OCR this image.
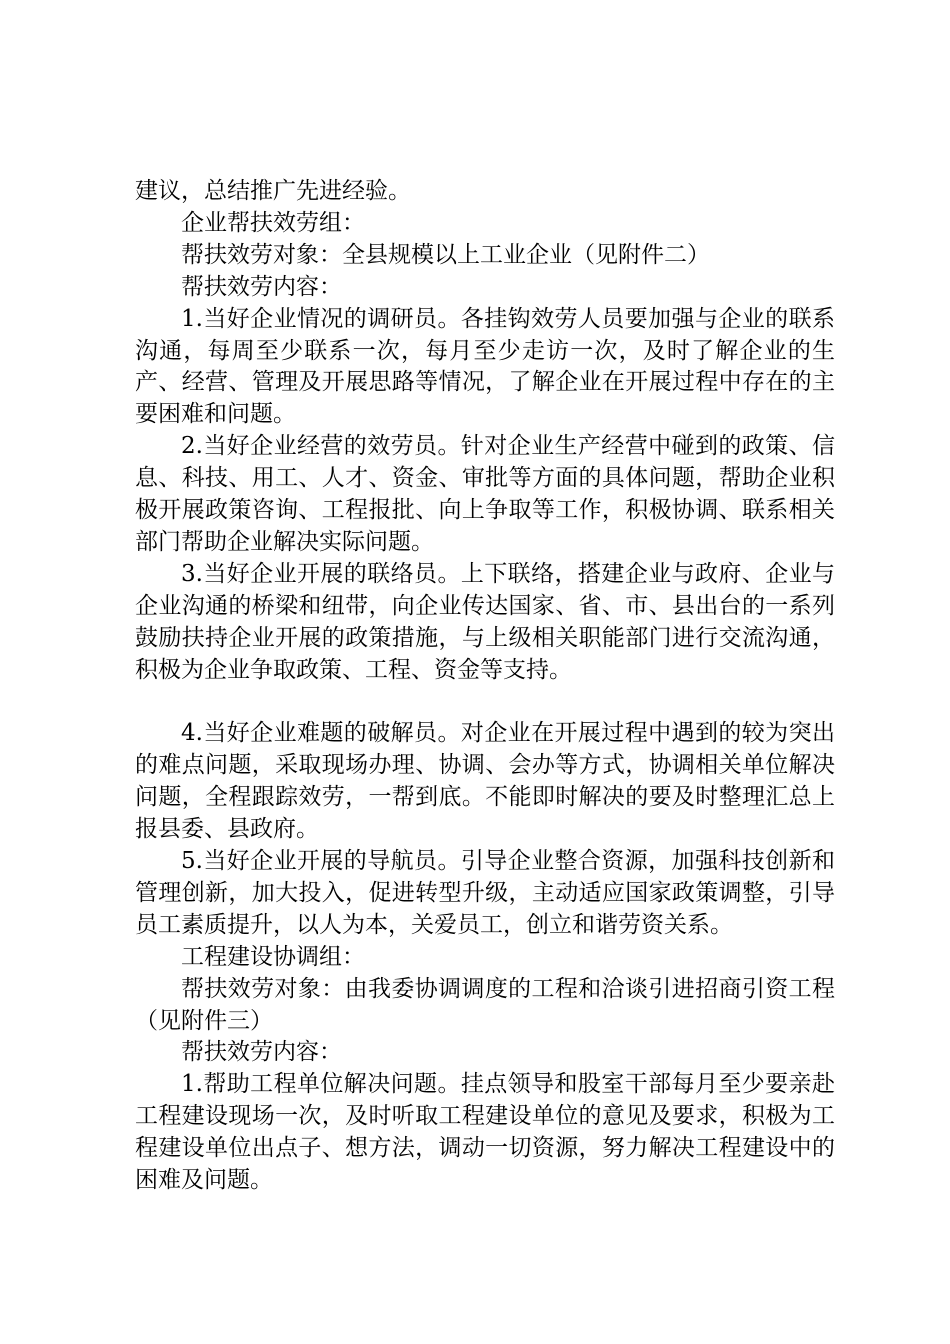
建议，总结推广先进经验。

企业帮扶效劳组：

帮扶效劳对象：全县规模以上工业企业（见附件二）

帮扶效劳内容：

1.当好企业情况的调研员。各挂钩效劳人员要加强与企业的联系沟通，每周至少联系一次，每月至少走访一次，及时了解企业的生产、经营、管理及开展思路等情况，了解企业在开展过程中存在的主要困难和问题。

2.当好企业经营的效劳员。针对企业生产经营中碰到的政策、信息、科技、用工、人才、资金、审批等方面的具体问题，帮助企业积极开展政策咨询、工程报批、向上争取等工作，积极协调、联系相关部门帮助企业解决实际问题。

3.当好企业开展的联络员。上下联络，搭建企业与政府、企业与企业沟通的桥梁和纽带，向企业传达国家、省、市、县出台的一系列鼓励扶持企业开展的政策措施，与上级相关职能部门进行交流沟通，积极为企业争取政策、工程、资金等支持。

4.当好企业难题的破解员。对企业在开展过程中遇到的较为突出的难点问题，采取现场办理、协调、会办等方式，协调相关单位解决问题，全程跟踪效劳，一帮到底。不能即时解决的要及时整理汇总上报县委、县政府。

5.当好企业开展的导航员。引导企业整合资源，加强科技创新和管理创新，加大投入，促进转型升级，主动适应国家政策调整，引导员工素质提升，以人为本，关爱员工，创立和谐劳资关系。

工程建设协调组：

帮扶效劳对象：由我委协调调度的工程和洽谈引进招商引资工程（见附件三）

帮扶效劳内容：

1.帮助工程单位解决问题。挂点领导和股室干部每月至少要亲赴工程建设现场一次，及时听取工程建设单位的意见及要求，积极为工程建设单位出点子、想方法，调动一切资源，努力解决工程建设中的困难及问题。
